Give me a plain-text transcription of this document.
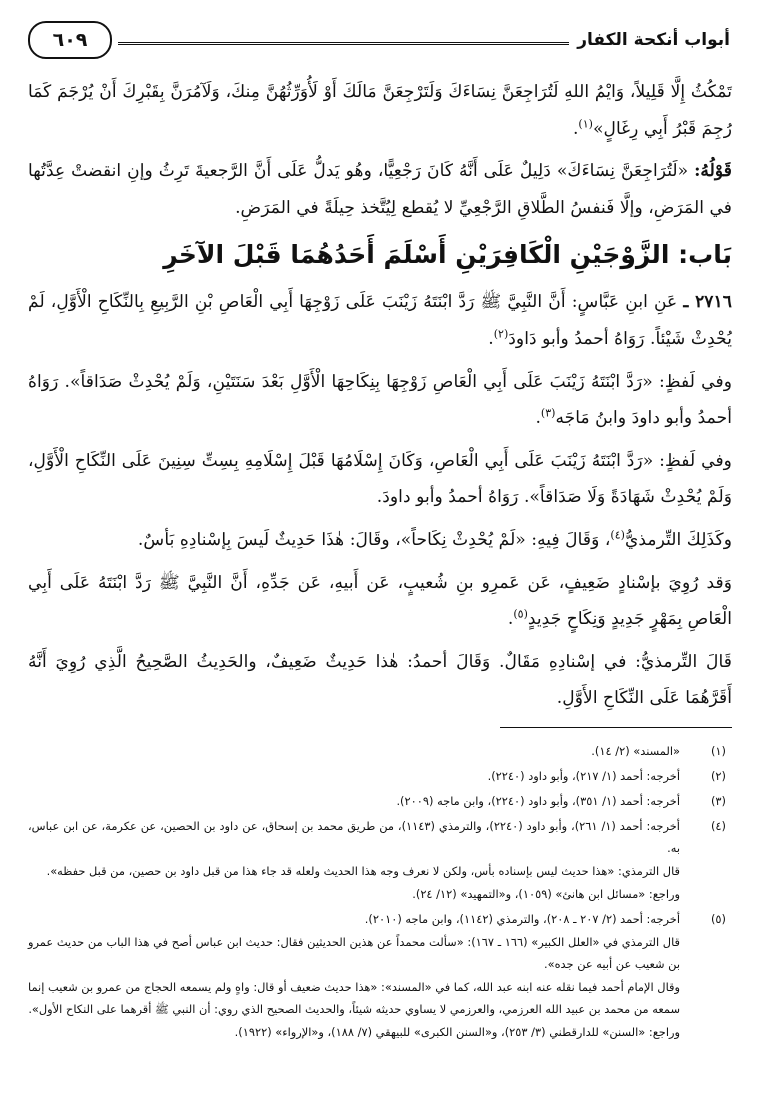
أبواب أنكحة الكفار
٦٠٩

تَمْكُثُ إِلَّا قَلِيلاً، وَايْمُ اللهِ لَتُرَاجِعَنَّ نِسَاءَكَ وَلَتَرْجِعَنَّ مَالَكَ أَوْ لَأُوَرِّثُهُنَّ مِنكَ، وَلَآمُرَنَّ بِقَبْرِكَ أَنْ يُرْجَمَ كَمَا رُجِمَ قَبْرُ أَبِي رِغَالٍ»$^{(١)}$.

قَوْلُهُ: «لَتُرَاجِعَنَّ نِسَاءَكَ» دَلِيلٌ عَلَى أَنَّهُ كَانَ رَجْعِيًّا، وهُو يَدلُّ عَلَى أَنَّ الرَّجعيةَ تَرِثُ وإنِ انقضتْ عِدَّتُها في المَرَضِ، وإلَّا فَنفسُ الطَّلاقِ الرَّجْعِيِّ لا يُقطع لِيُتَّخذ حِيلَةً في المَرَضِ.

بَاب: الزَّوْجَيْنِ الْكَافِرَيْنِ أَسْلَمَ أَحَدُهُمَا قَبْلَ الآخَرِ

٢٧١٦ ـ عَنِ ابنِ عَبَّاسٍ: أَنَّ النَّبِيَّ ﷺ رَدَّ ابْنَتَهُ زَيْنَبَ عَلَى زَوْجِهَا أَبِي الْعَاصِ بْنِ الرَّبِيعِ بِالنِّكَاحِ الْأَوَّلِ، لَمْ يُحْدِثْ شَيْئاً. رَوَاهُ أحمدُ وأبو دَاودَ$^{(٢)}$.

وفي لَفظٍ: «رَدَّ ابْنَتَهُ زَيْنَبَ عَلَى أَبِي الْعَاصِ زَوْجِهَا بِنِكَاحِهَا الْأَوَّلِ بَعْدَ سَنَتَيْنِ، وَلَمْ يُحْدِثْ صَدَاقاً». رَوَاهُ أحمدُ وأبو داودَ وابنُ مَاجَه$^{(٣)}$.

وفي لَفظٍ: «رَدَّ ابْنَتَهُ زَيْنَبَ عَلَى أَبِي الْعَاصِ، وَكَانَ إِسْلَامُهَا قَبْلَ إِسْلَامِهِ بِسِتِّ سِنِينَ عَلَى النِّكَاحِ الْأَوَّلِ، وَلَمْ يُحْدِثْ شَهَادَةً وَلَا صَدَاقاً». رَوَاهُ أحمدُ وأبو داودَ.

وكَذَلِكَ التِّرمذيُّ$^{(٤)}$، وَقَالَ فِيهِ: «لَمْ يُحْدِثْ نِكَاحاً»، وقَالَ: هٰذَا حَدِيثٌ لَيسَ بِإسْنادِهِ بَأسٌ.

وَقد رُوِيَ بإسْنادٍ ضَعِيفٍ، عَن عَمرِو بنِ شُعيبٍ، عَن أَبيهِ، عَن جَدِّهِ، أَنَّ النَّبِيَّ ﷺ رَدَّ ابْنَتَهُ عَلَى أَبِي الْعَاصِ بِمَهْرٍ جَدِيدٍ وَنِكَاحٍ جَدِيدٍ$^{(٥)}$.

قَالَ التِّرمذيُّ: في إسْنادِهِ مَقَالٌ. وَقَالَ أحمدُ: هٰذا حَدِيثٌ ضَعِيفٌ، والحَدِيثُ الصَّحِيحُ الَّذِي رُوِيَ أَنَّهُ أَقَرَّهُمَا عَلَى النِّكَاحِ الأَوَّلِ.

(١)
«المسند» (٢/ ١٤).
(٢)
أخرجه: أحمد (١/ ٢١٧)، وأبو داود (٢٢٤٠).
(٣)
أخرجه: أحمد (١/ ٣٥١)، وأبو داود (٢٢٤٠)، وابن ماجه (٢٠٠٩).
(٤)
أخرجه: أحمد (١/ ٢٦١)، وأبو داود (٢٢٤٠)، والترمذي (١١٤٣)، من طريق محمد بن إسحاق، عن داود بن الحصين، عن عكرمة، عن ابن عباس، به.
قال الترمذي: «هذا حديث ليس بإسناده بأس، ولكن لا نعرف وجه هذا الحديث ولعله قد جاء هذا من قبل داود بن حصين، من قبل حفظه».
وراجع: «مسائل ابن هانئ» (١٠٥٩)، و«التمهيد» (١٢/ ٢٤).
(٥)
أخرجه: أحمد (٢/ ٢٠٧ ـ ٢٠٨)، والترمذي (١١٤٢)، وابن ماجه (٢٠١٠).
قال الترمذي في «العلل الكبير» (١٦٦ ـ ١٦٧): «سألت محمداً عن هذين الحديثين فقال: حديث ابن عباس أصح في هذا الباب من حديث عمرو بن شعيب عن أبيه عن جده».
وقال الإمام أحمد فيما نقله عنه ابنه عبد الله، كما في «المسند»: «هذا حديث ضعيف أو قال: واهٍ ولم يسمعه الحجاج من عمرو بن شعيب إنما سمعه من محمد بن عبيد الله العرزمي، والعرزمي لا يساوي حديثه شيئاً، والحديث الصحيح الذي روي: أن النبي ﷺ أقرهما على النكاح الأول».
وراجع: «السنن» للدارقطني (٣/ ٢٥٣)، و«السنن الكبرى» للبيهقي (٧/ ١٨٨)، و«الإرواء» (١٩٢٢).
